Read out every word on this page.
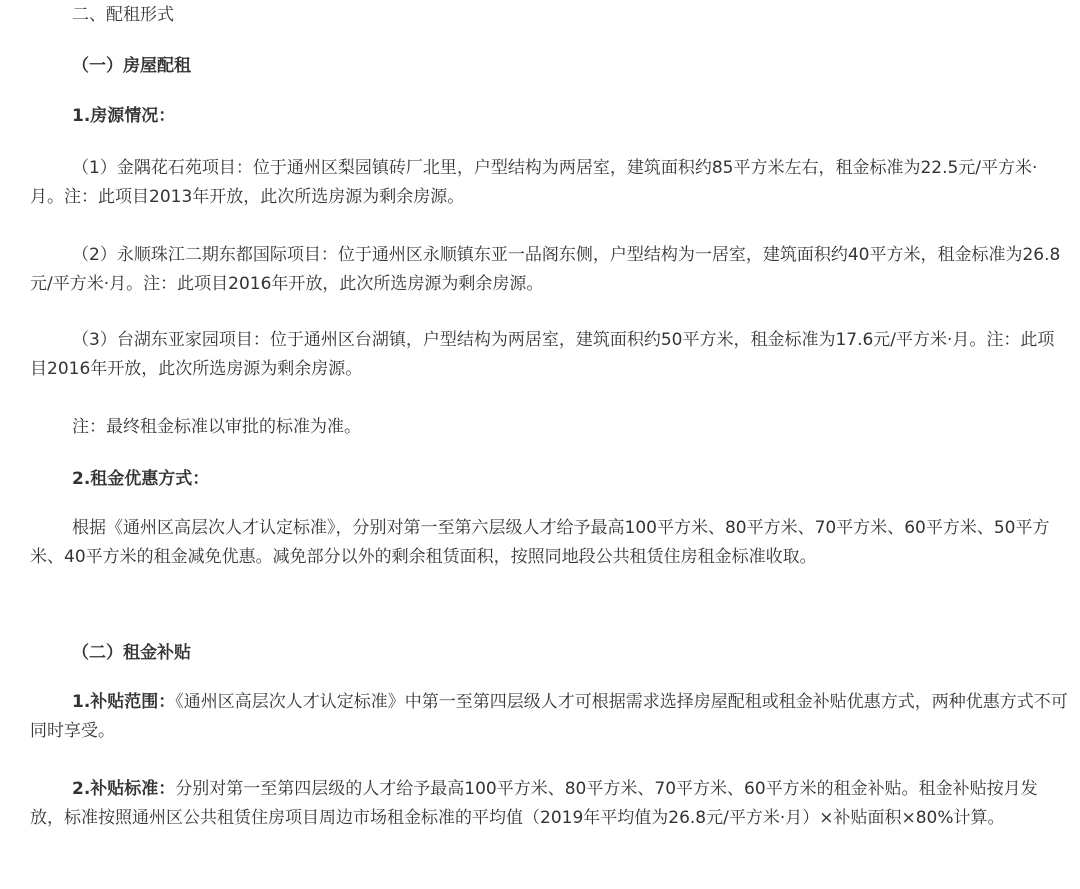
二、配租形式

（一）房屋配租

1.房源情况：

（1）金隅花石苑项目：位于通州区梨园镇砖厂北里，户型结构为两居室，建筑面积约85平方米左右，租金标准为22.5元/平方米·月。注：此项目2013年开放，此次所选房源为剩余房源。

（2）永顺珠江二期东都国际项目：位于通州区永顺镇东亚一品阁东侧，户型结构为一居室，建筑面积约40平方米，租金标准为26.8元/平方米·月。注：此项目2016年开放，此次所选房源为剩余房源。

（3）台湖东亚家园项目：位于通州区台湖镇，户型结构为两居室，建筑面积约50平方米，租金标准为17.6元/平方米·月。注：此项目2016年开放，此次所选房源为剩余房源。

注：最终租金标准以审批的标准为准。

2.租金优惠方式：

根据《通州区高层次人才认定标准》，分别对第一至第六层级人才给予最高100平方米、80平方米、70平方米、60平方米、50平方米、40平方米的租金减免优惠。减免部分以外的剩余租赁面积，按照同地段公共租赁住房租金标准收取。

（二）租金补贴

1.补贴范围：《通州区高层次人才认定标准》中第一至第四层级人才可根据需求选择房屋配租或租金补贴优惠方式，两种优惠方式不可同时享受。

2.补贴标准：分别对第一至第四层级的人才给予最高100平方米、80平方米、70平方米、60平方米的租金补贴。租金补贴按月发放，标准按照通州区公共租赁住房项目周边市场租金标准的平均值（2019年平均值为26.8元/平方米·月）×补贴面积×80%计算。
